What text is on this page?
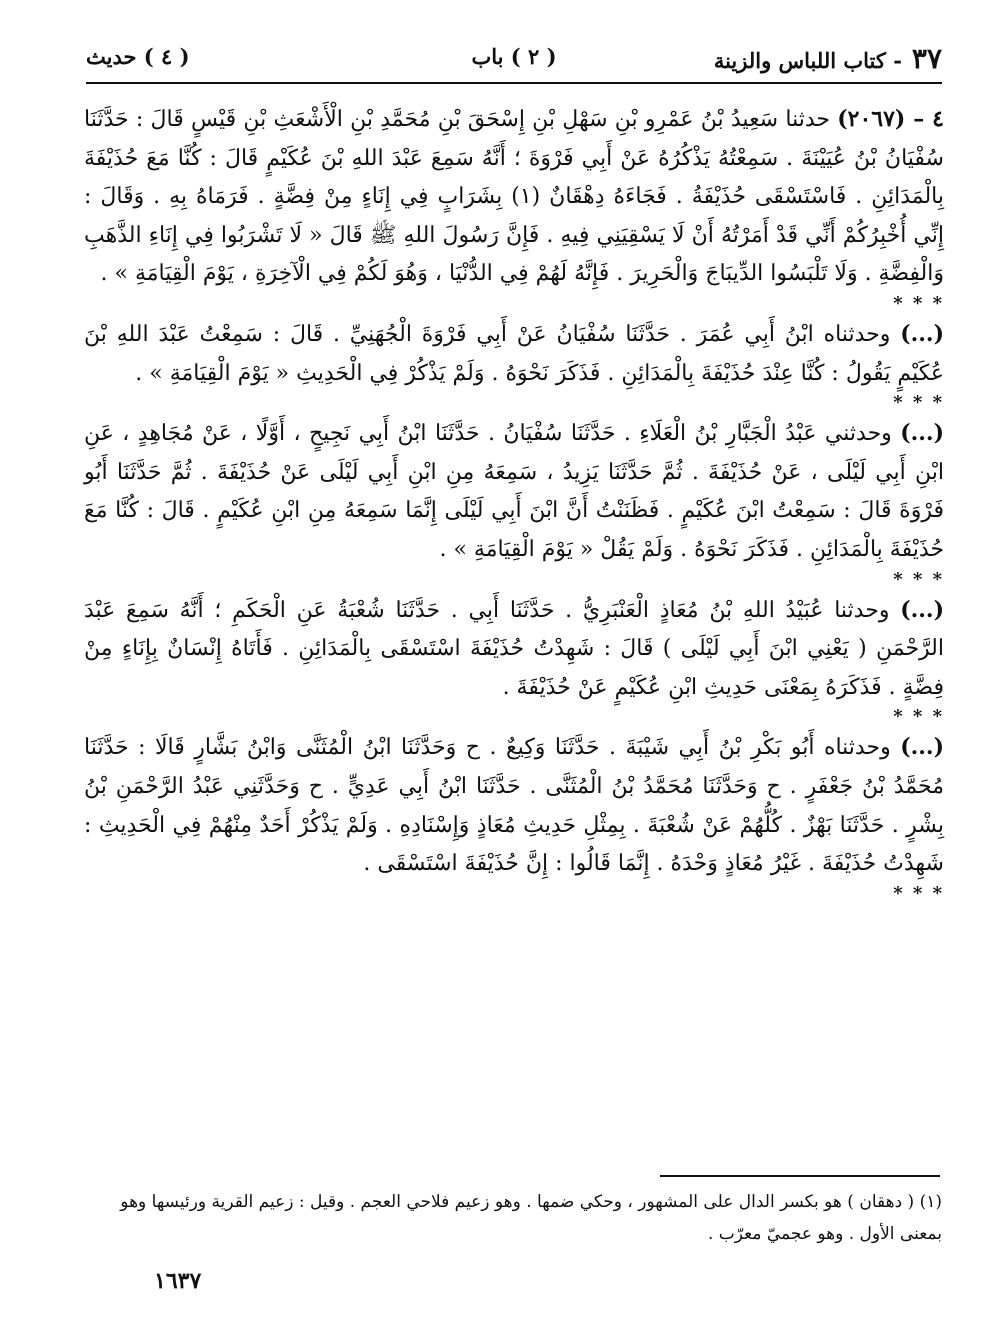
٣٧- كتاب اللباس والزينة
( ٢ ) باب
( ٤ ) حديث

٤ – (٢٠٦٧) حدثنا سَعِيدُ بْنُ عَمْرِو بْنِ سَهْلِ بْنِ إِسْحَقَ بْنِ مُحَمَّدِ بْنِ الْأَشْعَثِ بْنِ قَيْسٍ قَالَ : حَدَّثَنَا سُفْيَانُ بْنُ عُيَيْنَةَ . سَمِعْتُهُ يَذْكُرُهُ عَنْ أَبِي فَرْوَةَ ؛ أَنَّهُ سَمِعَ عَبْدَ اللهِ بْنَ عُكَيْمٍ قَالَ : كُنَّا مَعَ حُذَيْفَةَ بِالْمَدَائِنِ . فَاسْتَسْقَى حُذَيْفَةُ . فَجَاءَهُ دِهْقَانٌ (١) بِشَرَابٍ فِي إِنَاءٍ مِنْ فِضَّةٍ . فَرَمَاهُ بِهِ . وَقَالَ : إِنِّي أُخْبِرُكُمْ أَنِّي قَدْ أَمَرْتُهُ أَنْ لَا يَسْقِيَنِي فِيهِ . فَإِنَّ رَسُولَ اللهِ ﷺ قَالَ « لَا تَشْرَبُوا فِي إِنَاءِ الذَّهَبِ وَالْفِضَّةِ . وَلَا تَلْبَسُوا الدِّيبَاجَ وَالْحَرِيرَ . فَإِنَّهُ لَهُمْ فِي الدُّنْيَا ، وَهُوَ لَكُمْ فِي الْآخِرَةِ ، يَوْمَ الْقِيَامَةِ » .

* * *

(...) وحدثناه ابْنُ أَبِي عُمَرَ . حَدَّثَنَا سُفْيَانُ عَنْ أَبِي فَرْوَةَ الْجُهَنِيِّ . قَالَ : سَمِعْتُ عَبْدَ اللهِ بْنَ عُكَيْمٍ يَقُولُ : كُنَّا عِنْدَ حُذَيْفَةَ بِالْمَدَائِنِ . فَذَكَرَ نَحْوَهُ . وَلَمْ يَذْكُرْ فِي الْحَدِيثِ « يَوْمَ الْقِيَامَةِ » .

* * *

(...) وحدثني عَبْدُ الْجَبَّارِ بْنُ الْعَلَاءِ . حَدَّثَنَا سُفْيَانُ . حَدَّثَنَا ابْنُ أَبِي نَجِيحٍ ، أَوَّلًا ، عَنْ مُجَاهِدٍ ، عَنِ ابْنِ أَبِي لَيْلَى ، عَنْ حُذَيْفَةَ . ثُمَّ حَدَّثَنَا يَزِيدُ ، سَمِعَهُ مِنِ ابْنِ أَبِي لَيْلَى عَنْ حُذَيْفَةَ . ثُمَّ حَدَّثَنَا أَبُو فَرْوَةَ قَالَ : سَمِعْتُ ابْنَ عُكَيْمٍ . فَظَنَنْتُ أَنَّ ابْنَ أَبِي لَيْلَى إِنَّمَا سَمِعَهُ مِنِ ابْنِ عُكَيْمٍ . قَالَ : كُنَّا مَعَ حُذَيْفَةَ بِالْمَدَائِنِ . فَذَكَرَ نَحْوَهُ . وَلَمْ يَقُلْ « يَوْمَ الْقِيَامَةِ » .

* * *

(...) وحدثنا عُبَيْدُ اللهِ بْنُ مُعَاذٍ الْعَنْبَرِيُّ . حَدَّثَنَا أَبِي . حَدَّثَنَا شُعْبَةُ عَنِ الْحَكَمِ ؛ أَنَّهُ سَمِعَ عَبْدَ الرَّحْمَنِ ( يَعْنِي ابْنَ أَبِي لَيْلَى ) قَالَ : شَهِدْتُ حُذَيْفَةَ اسْتَسْقَى بِالْمَدَائِنِ . فَأَتَاهُ إِنْسَانٌ بِإِنَاءٍ مِنْ فِضَّةٍ . فَذَكَرَهُ بِمَعْنَى حَدِيثِ ابْنِ عُكَيْمٍ عَنْ حُذَيْفَةَ .

* * *

(...) وحدثناه أَبُو بَكْرِ بْنُ أَبِي شَيْبَةَ . حَدَّثَنَا وَكِيعٌ . ح وَحَدَّثَنَا ابْنُ الْمُثَنَّى وَابْنُ بَشَّارٍ قَالَا : حَدَّثَنَا مُحَمَّدُ بْنُ جَعْفَرٍ . ح وَحَدَّثَنَا مُحَمَّدُ بْنُ الْمُثَنَّى . حَدَّثَنَا ابْنُ أَبِي عَدِيٍّ . ح وَحَدَّثَنِي عَبْدُ الرَّحْمَنِ بْنُ بِشْرٍ . حَدَّثَنَا بَهْزٌ . كُلُّهُمْ عَنْ شُعْبَةَ . بِمِثْلِ حَدِيثِ مُعَاذٍ وَإِسْنَادِهِ . وَلَمْ يَذْكُرْ أَحَدٌ مِنْهُمْ فِي الْحَدِيثِ : شَهِدْتُ حُذَيْفَةَ . غَيْرُ مُعَاذٍ وَحْدَهُ . إِنَّمَا قَالُوا : إِنَّ حُذَيْفَةَ اسْتَسْقَى .

* * *
(١) ( دهقان ) هو بكسر الدال على المشهور ، وحكي ضمها . وهو زعيم فلاحي العجم . وقيل : زعيم القرية ورئيسها وهو بمعنى الأول . وهو عجميّ معرّب .
١٦٣٧
